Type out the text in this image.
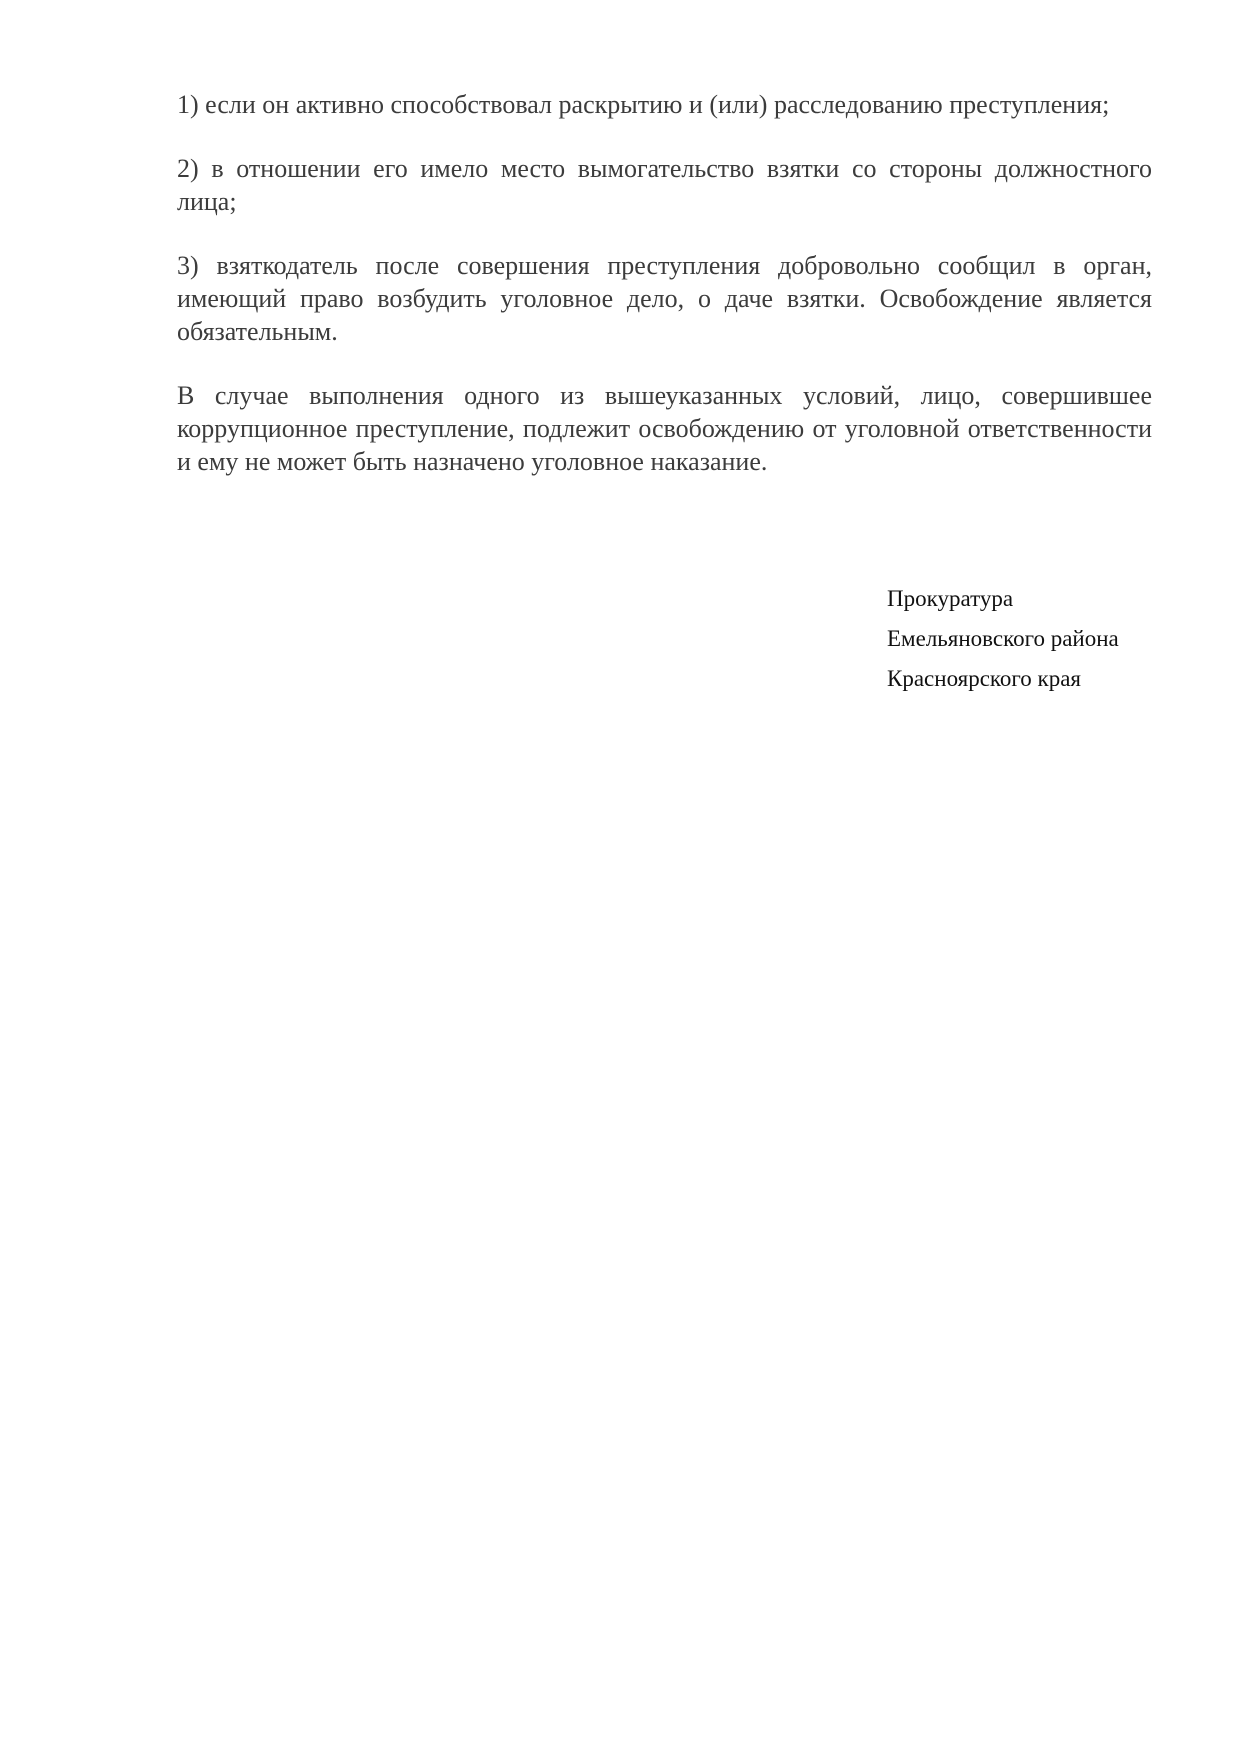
1) если он активно способствовал раскрытию и (или) расследованию преступления;

2) в отношении его имело место вымогательство взятки со стороны должностного лица;

3) взяткодатель после совершения преступления добровольно сообщил в орган, имеющий право возбудить уголовное дело, о даче взятки. Освобождение является обязательным.

В случае выполнения одного из вышеуказанных условий, лицо, совершившее коррупционное преступление, подлежит освобождению от уголовной ответственности и ему не может быть назначено уголовное наказание.

Прокуратура
Емельяновского района
Красноярского края
